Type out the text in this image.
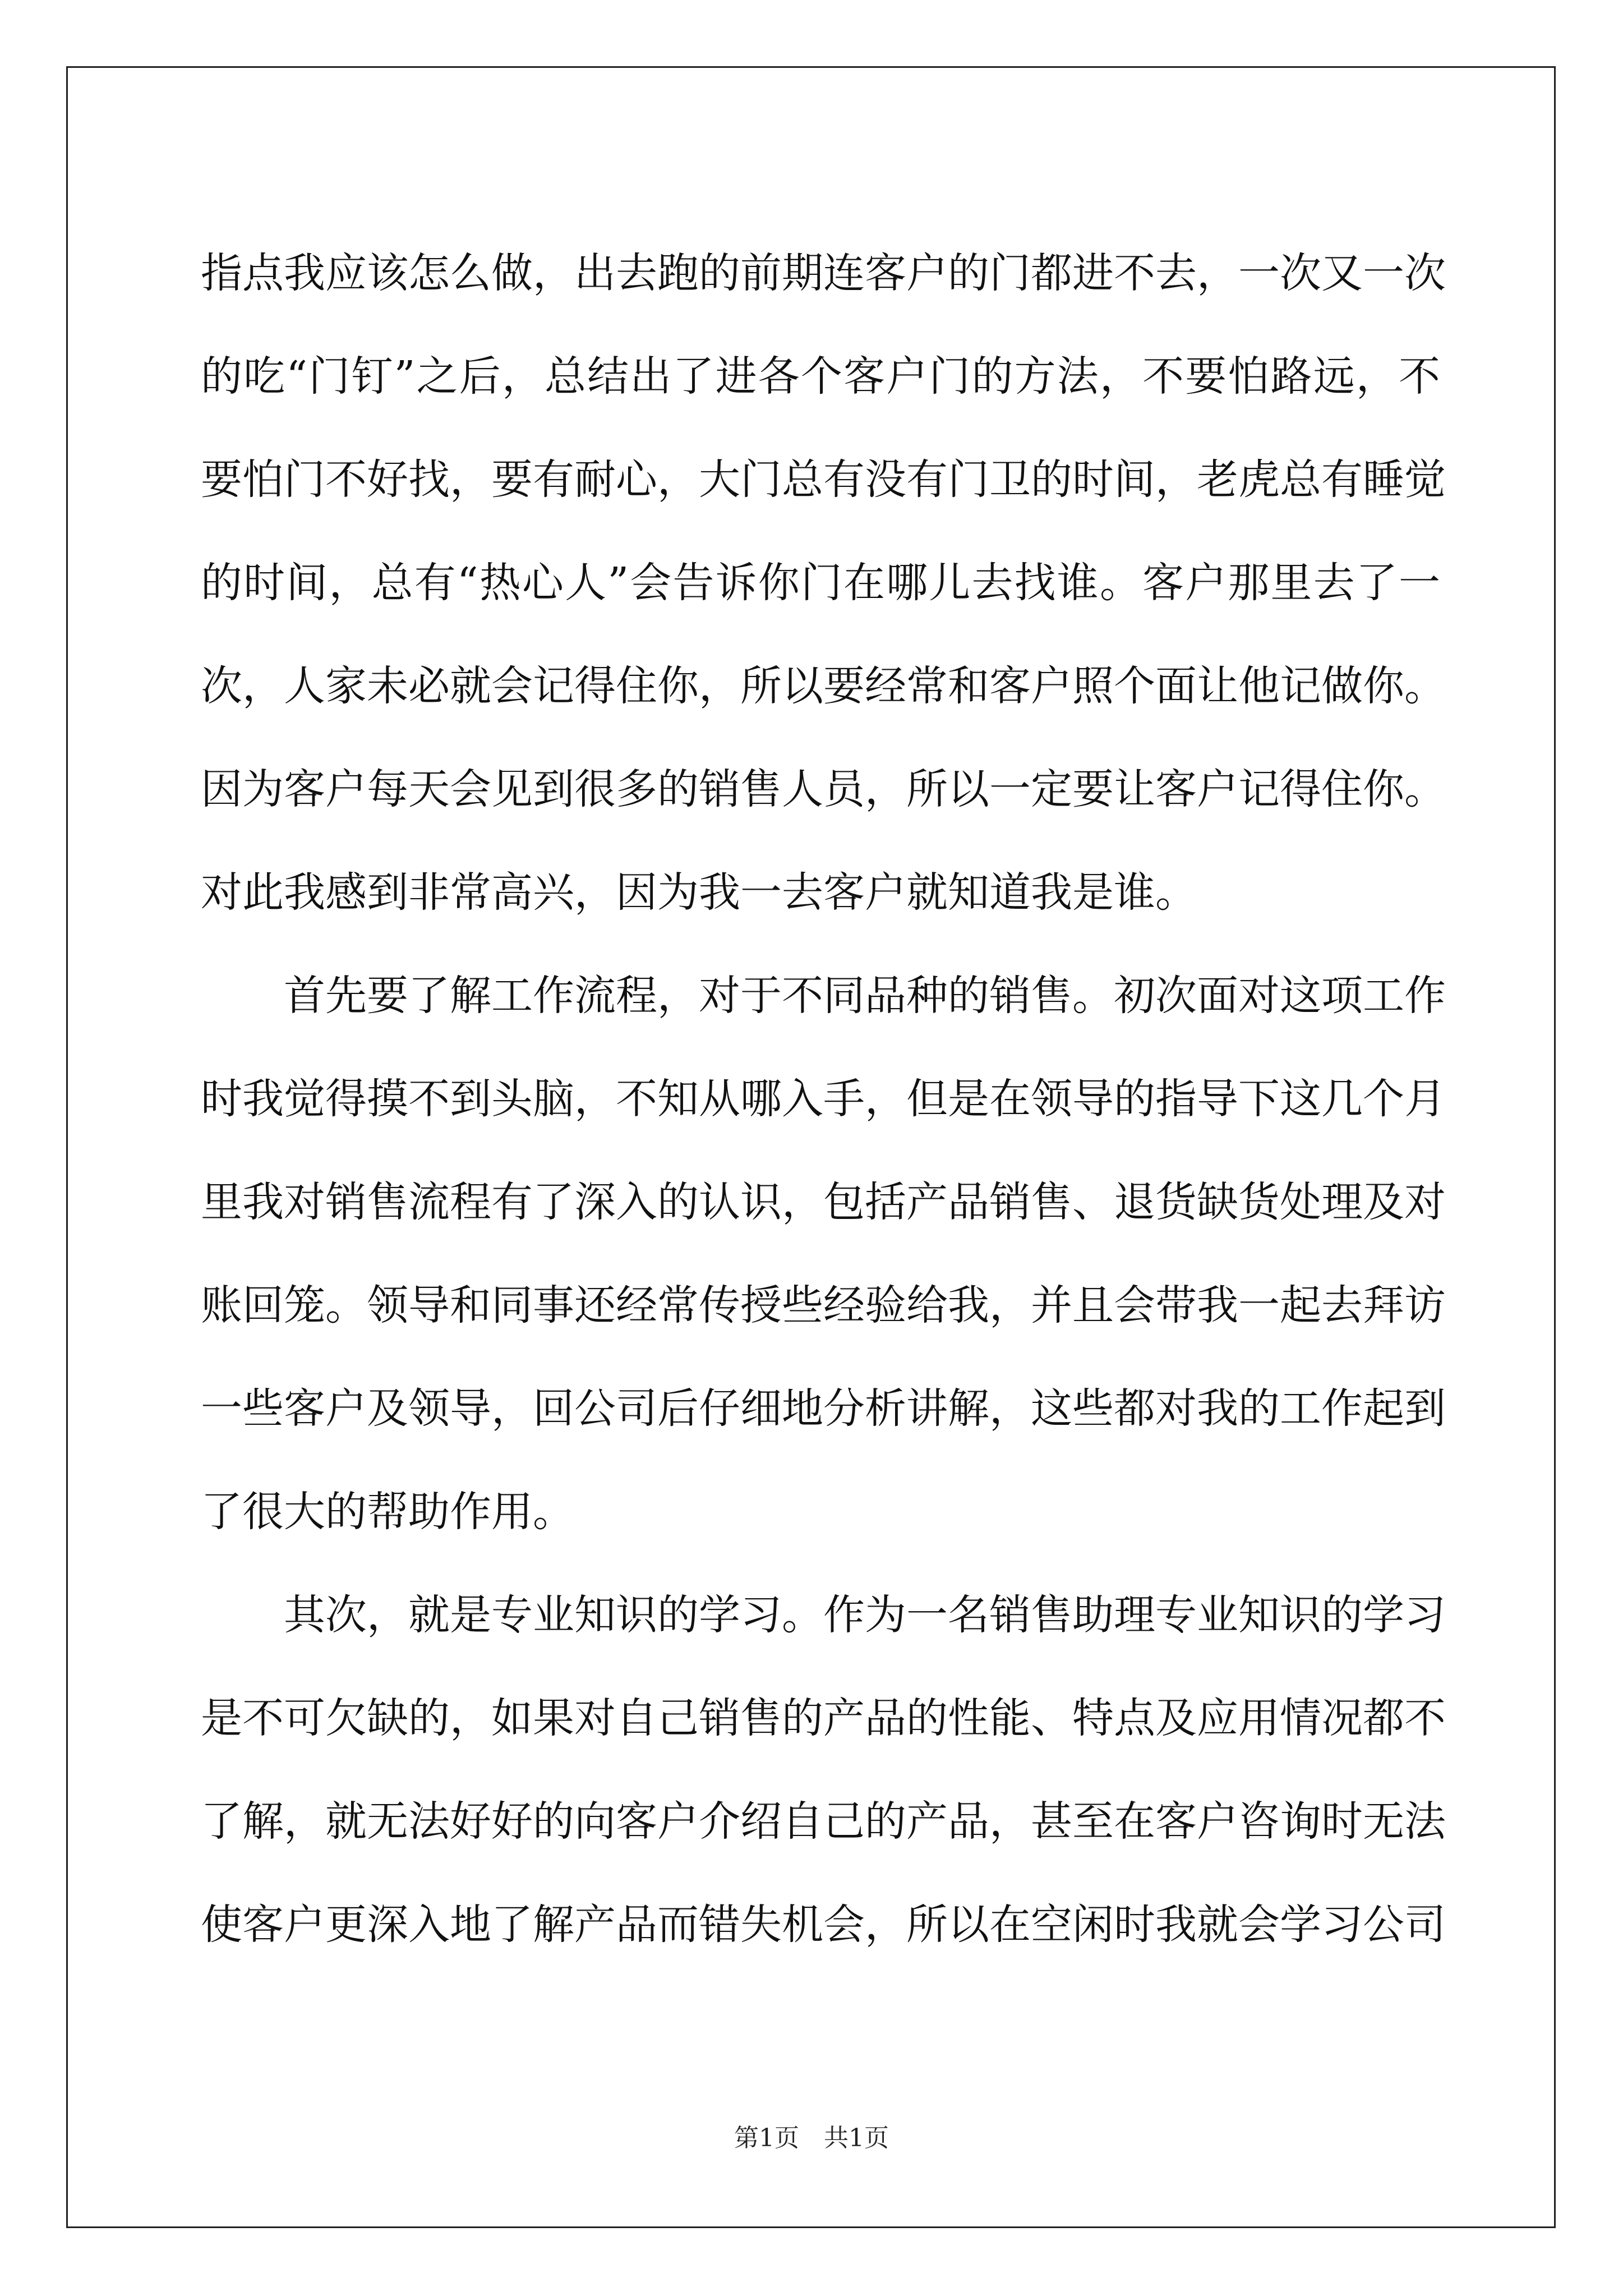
指点我应该怎么做，出去跑的前期连客户的门都进不去，一次又一次
的吃“门钉”之后，总结出了进各个客户门的方法，不要怕路远，不
要怕门不好找，要有耐心，大门总有没有门卫的时间，老虎总有睡觉
的时间，总有“热心人”会告诉你门在哪儿去找谁。客户那里去了一
次，人家未必就会记得住你，所以要经常和客户照个面让他记做你。
因为客户每天会见到很多的销售人员，所以一定要让客户记得住你。
对此我感到非常高兴，因为我一去客户就知道我是谁。
　　首先要了解工作流程，对于不同品种的销售。初次面对这项工作
时我觉得摸不到头脑，不知从哪入手，但是在领导的指导下这几个月
里我对销售流程有了深入的认识，包括产品销售、退货缺货处理及对
账回笼。领导和同事还经常传授些经验给我，并且会带我一起去拜访
一些客户及领导，回公司后仔细地分析讲解，这些都对我的工作起到
了很大的帮助作用。
　　其次，就是专业知识的学习。作为一名销售助理专业知识的学习
是不可欠缺的，如果对自己销售的产品的性能、特点及应用情况都不
了解，就无法好好的向客户介绍自己的产品，甚至在客户咨询时无法
使客户更深入地了解产品而错失机会，所以在空闲时我就会学习公司
第1页　共1页
